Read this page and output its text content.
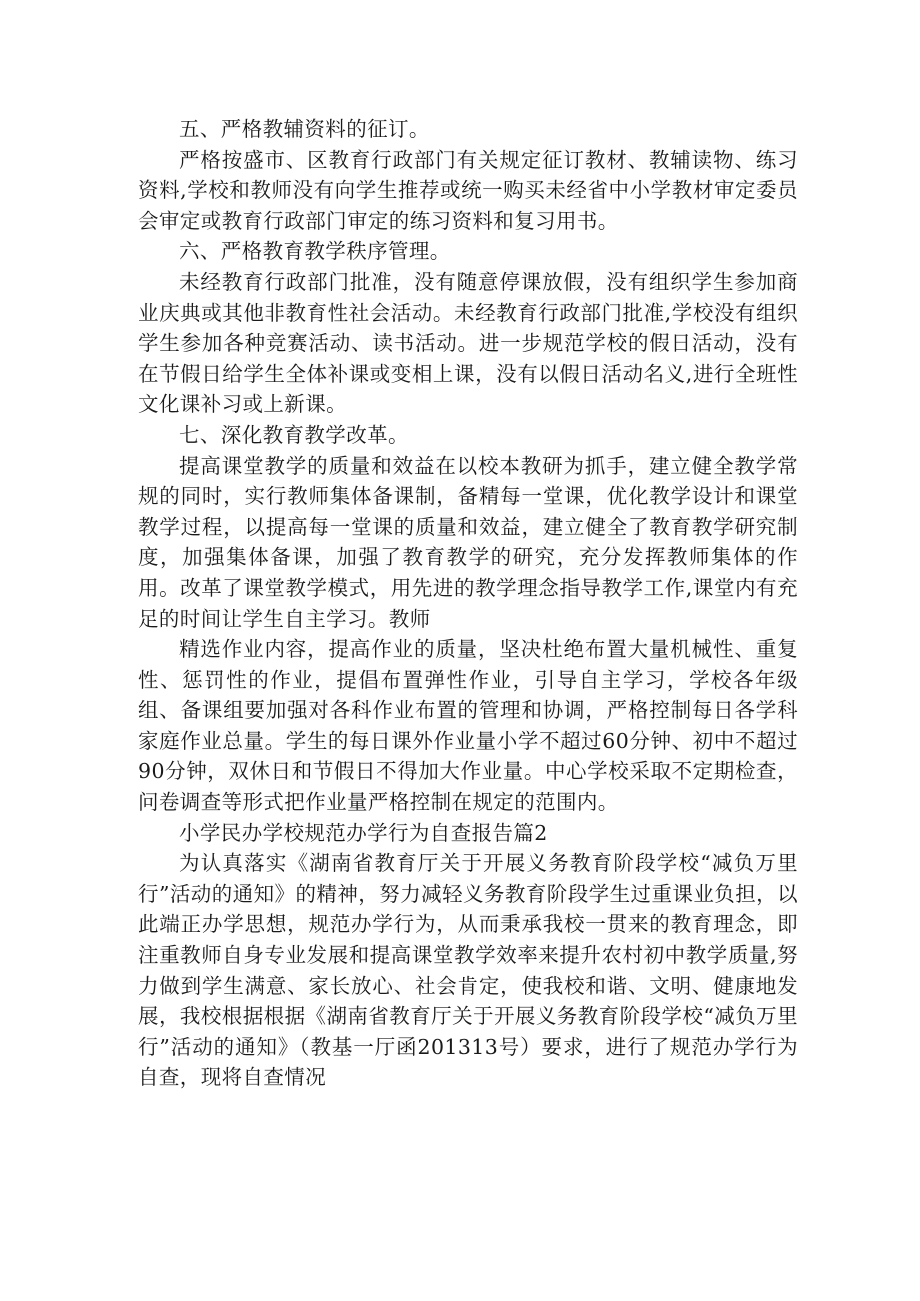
五、严格教辅资料的征订。

严格按盛市、区教育行政部门有关规定征订教材、教辅读物、练习资料,学校和教师没有向学生推荐或统一购买未经省中小学教材审定委员会审定或教育行政部门审定的练习资料和复习用书。

六、严格教育教学秩序管理。

未经教育行政部门批准，没有随意停课放假，没有组织学生参加商业庆典或其他非教育性社会活动。未经教育行政部门批准,学校没有组织学生参加各种竞赛活动、读书活动。进一步规范学校的假日活动，没有在节假日给学生全体补课或变相上课，没有以假日活动名义,进行全班性文化课补习或上新课。

七、深化教育教学改革。

提高课堂教学的质量和效益在以校本教研为抓手，建立健全教学常规的同时，实行教师集体备课制，备精每一堂课，优化教学设计和课堂教学过程，以提高每一堂课的质量和效益，建立健全了教育教学研究制度，加强集体备课，加强了教育教学的研究，充分发挥教师集体的作用。改革了课堂教学模式，用先进的教学理念指导教学工作,课堂内有充足的时间让学生自主学习。教师

精选作业内容，提高作业的质量，坚决杜绝布置大量机械性、重复性、惩罚性的作业，提倡布置弹性作业，引导自主学习，学校各年级组、备课组要加强对各科作业布置的管理和协调，严格控制每日各学科家庭作业总量。学生的每日课外作业量小学不超过60分钟、初中不超过90分钟，双休日和节假日不得加大作业量。中心学校采取不定期检查，问卷调查等形式把作业量严格控制在规定的范围内。

小学民办学校规范办学行为自查报告篇2

为认真落实《湖南省教育厅关于开展义务教育阶段学校“减负万里行”活动的通知》的精神，努力减轻义务教育阶段学生过重课业负担，以此端正办学思想，规范办学行为，从而秉承我校一贯来的教育理念，即注重教师自身专业发展和提高课堂教学效率来提升农村初中教学质量,努力做到学生满意、家长放心、社会肯定，使我校和谐、文明、健康地发展，我校根据根据《湖南省教育厅关于开展义务教育阶段学校“减负万里行”活动的通知》（教基一厅函201313号）要求，进行了规范办学行为自查，现将自查情况
